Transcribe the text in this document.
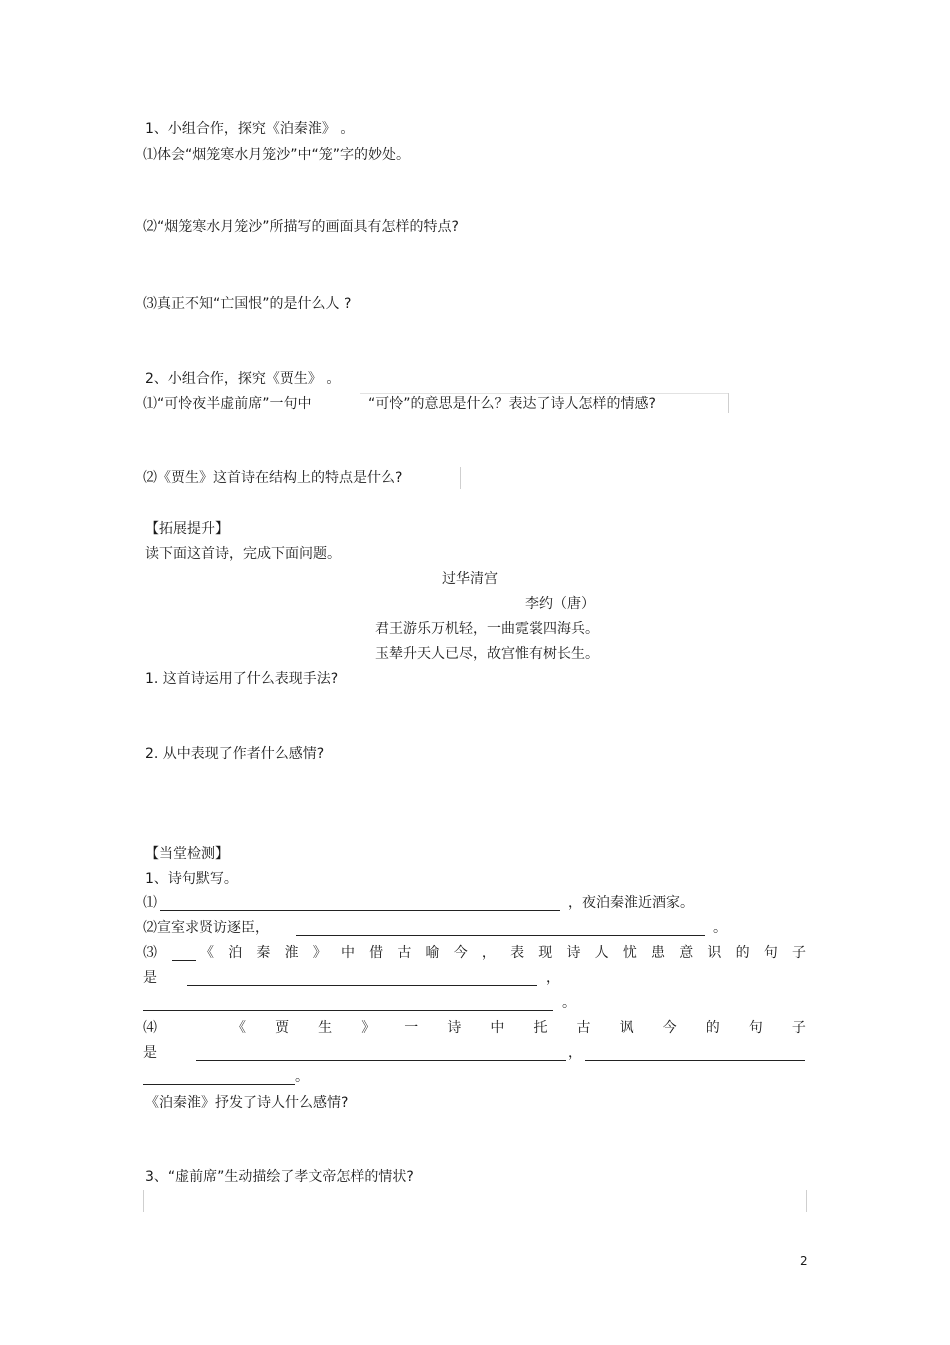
1、小组合作，探究《泊秦淮》 。
⑴体会“烟笼寒水月笼沙”中“笼”字的妙处。
⑵“烟笼寒水月笼沙”所描写的画面具有怎样的特点?
⑶真正不知“亡国恨”的是什么人 ?
2、小组合作，探究《贾生》 。
⑴“可怜夜半虚前席”一句中	“可怜”的意思是什么？表达了诗人怎样的情感?
⑵《贾生》这首诗在结构上的特点是什么?
【拓展提升】
读下面这首诗，完成下面问题。
过华清宫
李约（唐）
君王游乐万机轻，一曲霓裳四海兵。
玉辇升天人已尽，故宫惟有树长生。
1. 这首诗运用了什么表现手法?
2. 从中表现了作者什么感情?
【当堂检测】
1、诗句默写。
⑴	，夜泊秦淮近酒家。
⑵宣室求贤访逐臣，	。
⑶	《 泊 秦 淮 》 中 借 古 喻 今 ， 表 现 诗 人 忧 患 意 识 的 句 子
是	，
。
⑷	《 贾 生 》 一 诗 中 托 古 讽 今 的 句 子
是	，
。
《泊秦淮》抒发了诗人什么感情?
3、“虚前席”生动描绘了孝文帝怎样的情状?
2
